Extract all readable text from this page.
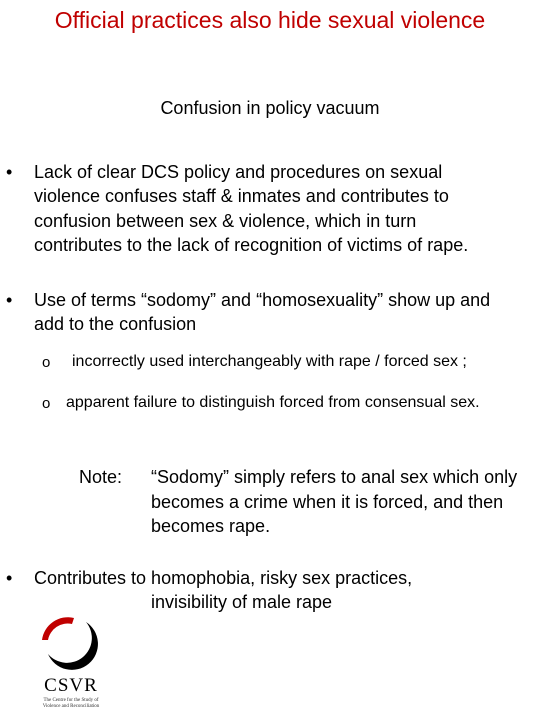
Official practices also hide sexual violence
Confusion in policy vacuum
• Lack of clear DCS policy and procedures on sexual violence confuses staff & inmates and contributes to confusion between sex & violence, which in turn contributes to the lack of recognition of victims of rape.
• Use of terms “sodomy” and “homosexuality” show up and add to the confusion
o incorrectly used interchangeably with rape / forced sex ;
o apparent failure to distinguish forced from consensual sex.
Note: “Sodomy” simply refers to anal sex which only becomes a crime when it is forced, and then becomes rape.
• Contributes to homophobia, risky sex practices,
invisibility of male rape
CSVR
The Centre for the Study of Violence and Reconciliation
